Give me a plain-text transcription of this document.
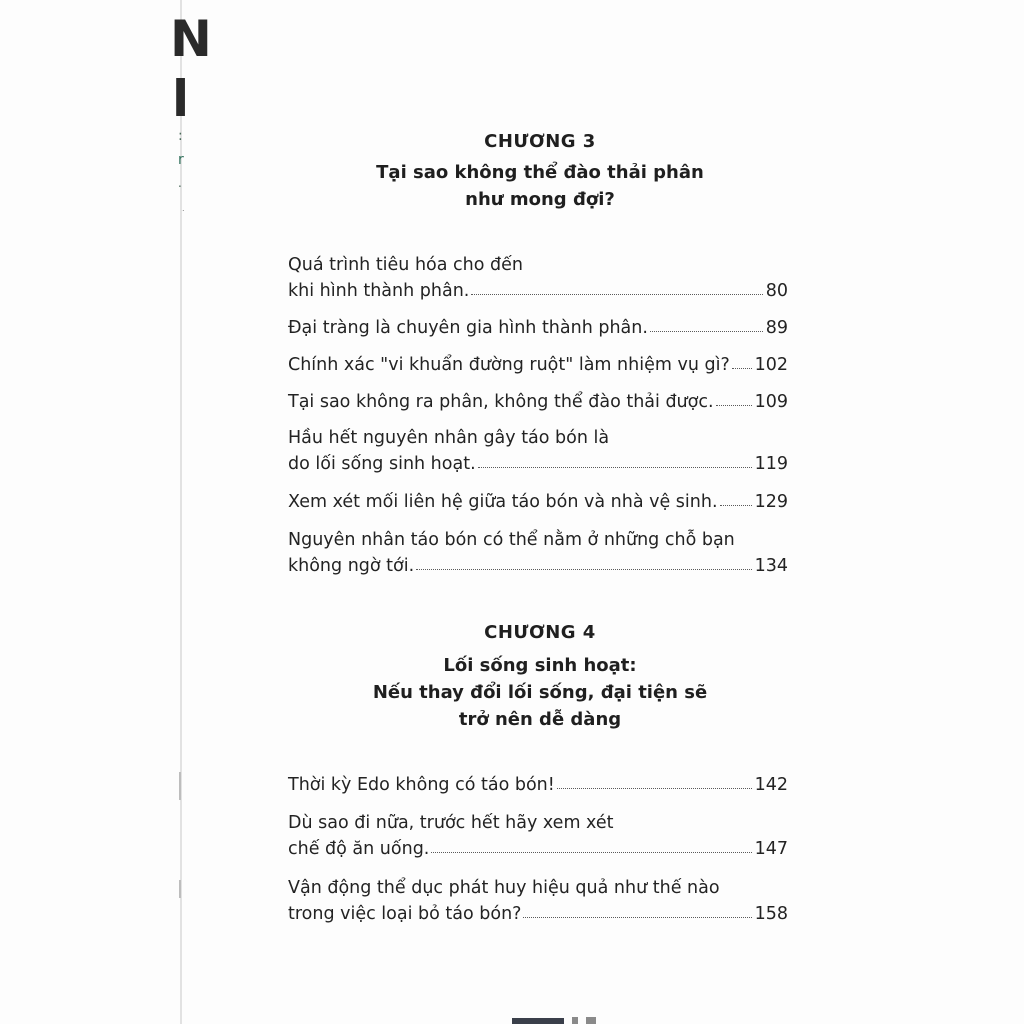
N
l
:
r
.
.
CHƯƠNG 3
Tại sao không thể đào thải phân
như mong đợi?
Quá trình tiêu hóa cho đến
khi hình thành phân.	80
Đại tràng là chuyên gia hình thành phân.	89
Chính xác "vi khuẩn đường ruột" làm nhiệm vụ gì? 102
Tại sao không ra phân, không thể đào thải được. 109
Hầu hết nguyên nhân gây táo bón là
do lối sống sinh hoạt.	119
Xem xét mối liên hệ giữa táo bón và nhà vệ sinh. 129
Nguyên nhân táo bón có thể nằm ở những chỗ bạn
không ngờ tới.	134
CHƯƠNG 4
Lối sống sinh hoạt:
Nếu thay đổi lối sống, đại tiện sẽ
trở nên dễ dàng
Thời kỳ Edo không có táo bón!	142
Dù sao đi nữa, trước hết hãy xem xét
chế độ ăn uống.	147
Vận động thể dục phát huy hiệu quả như thế nào
trong việc loại bỏ táo bón?	158
